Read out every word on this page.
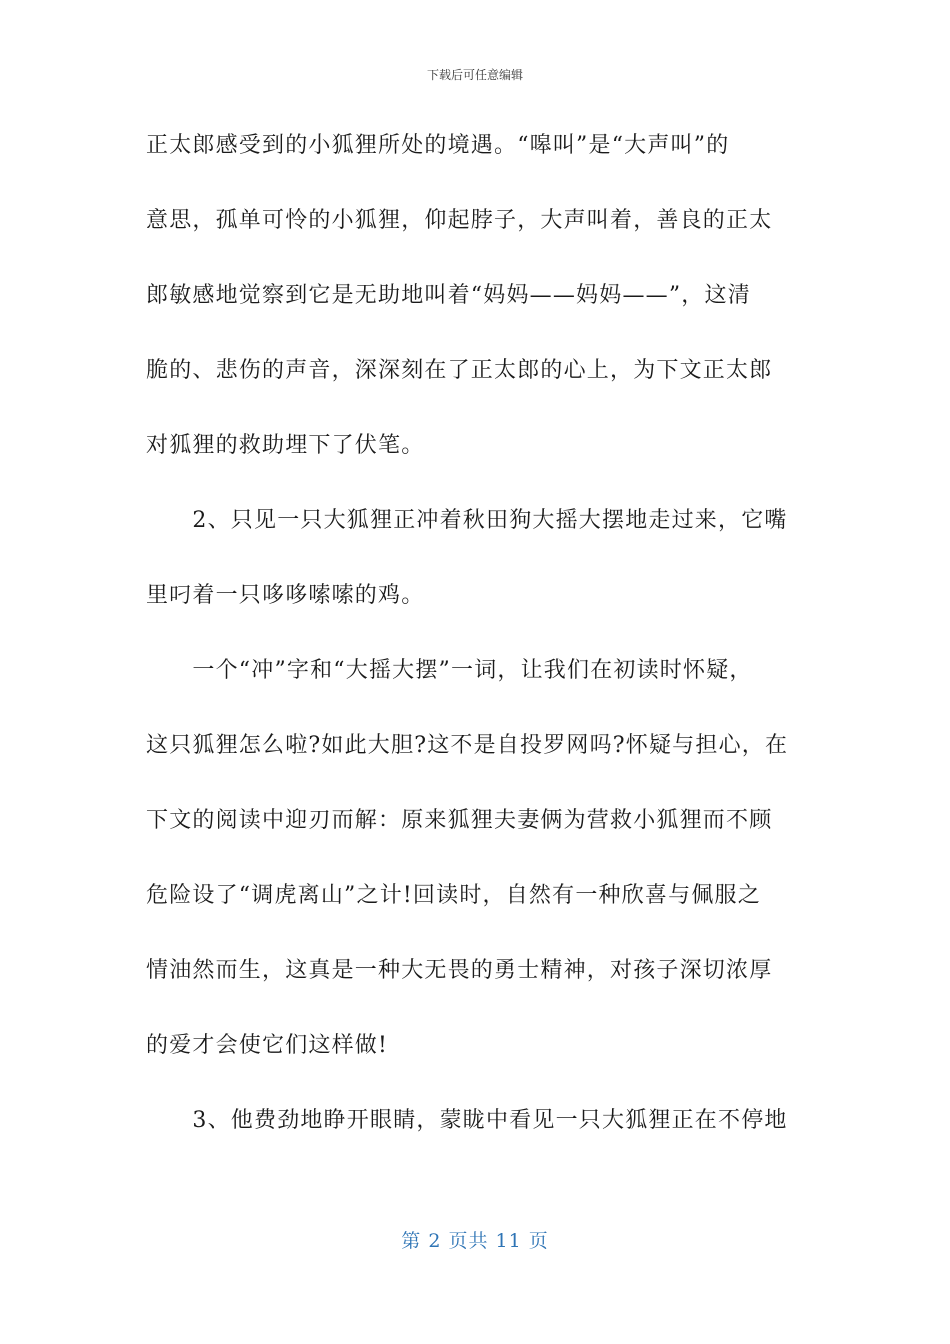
下载后可任意编辑
正太郎感受到的小狐狸所处的境遇。“嗥叫”是“大声叫”的
意思，孤单可怜的小狐狸，仰起脖子，大声叫着，善良的正太
郎敏感地觉察到它是无助地叫着“妈妈——妈妈——”，这清
脆的、悲伤的声音，深深刻在了正太郎的心上，为下文正太郎
对狐狸的救助埋下了伏笔。
　　2、只见一只大狐狸正冲着秋田狗大摇大摆地走过来，它嘴
里叼着一只哆哆嗦嗦的鸡。
　　一个“冲”字和“大摇大摆”一词，让我们在初读时怀疑，
这只狐狸怎么啦?如此大胆?这不是自投罗网吗?怀疑与担心，在
下文的阅读中迎刃而解：原来狐狸夫妻俩为营救小狐狸而不顾
危险设了“调虎离山”之计!回读时，自然有一种欣喜与佩服之
情油然而生，这真是一种大无畏的勇士精神，对孩子深切浓厚
的爱才会使它们这样做!
　　3、他费劲地睁开眼睛，蒙眬中看见一只大狐狸正在不停地
第 2 页共 11 页
